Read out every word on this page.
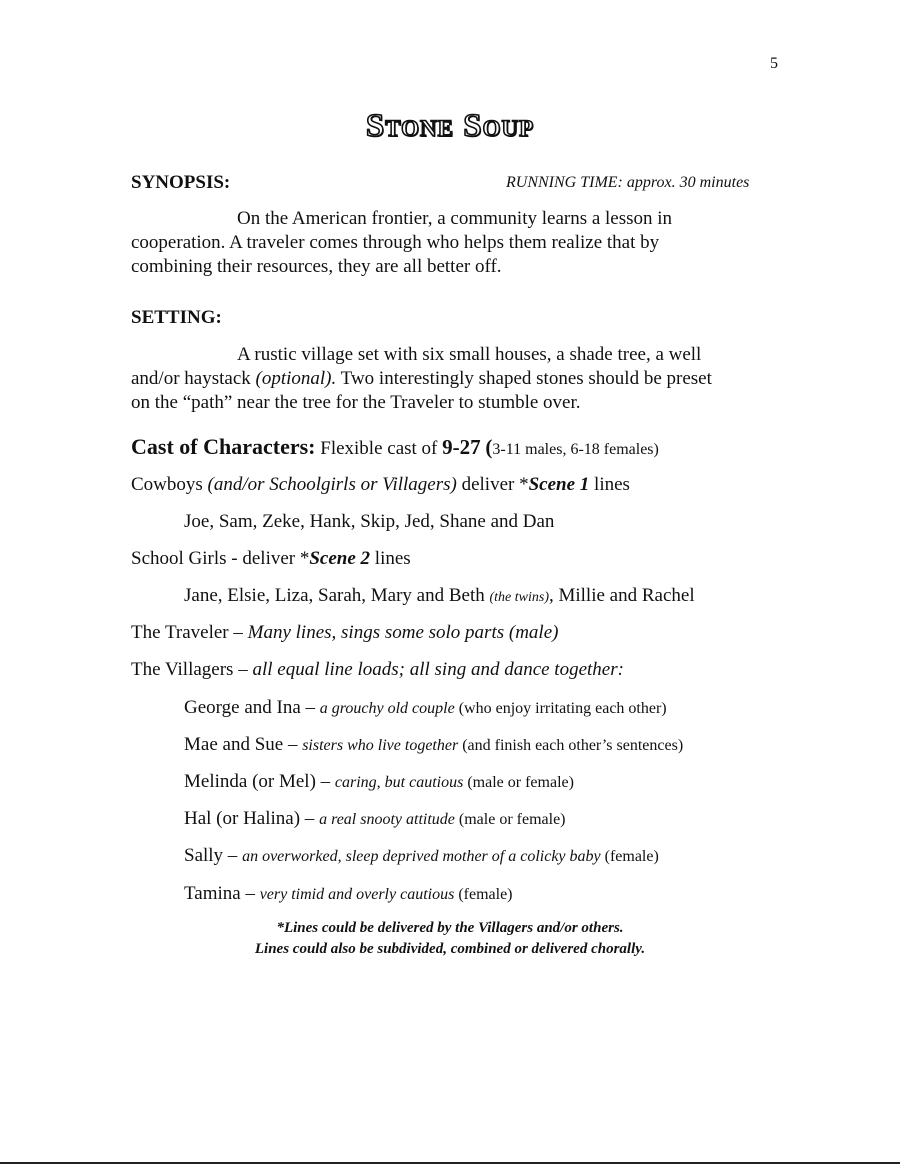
5
Stone Soup
SYNOPSIS:	RUNNING TIME: approx. 30 minutes
On the American frontier, a community learns a lesson in
cooperation. A traveler comes through who helps them realize that by
combining their resources, they are all better off.
SETTING:
A rustic village set with six small houses, a shade tree, a well
and/or haystack (optional). Two interestingly shaped stones should be preset
on the “path” near the tree for the Traveler to stumble over.
Cast of Characters: Flexible cast of 9-27 (3-11 males, 6-18 females)
Cowboys (and/or Schoolgirls or Villagers) deliver *Scene 1 lines
Joe, Sam, Zeke, Hank, Skip, Jed, Shane and Dan
School Girls - deliver *Scene 2 lines
Jane, Elsie, Liza, Sarah, Mary and Beth (the twins), Millie and Rachel
The Traveler – Many lines, sings some solo parts (male)
The Villagers – all equal line loads; all sing and dance together:
George and Ina – a grouchy old couple (who enjoy irritating each other)
Mae and Sue – sisters who live together (and finish each other’s sentences)
Melinda (or Mel) – caring, but cautious (male or female)
Hal (or Halina) – a real snooty attitude (male or female)
Sally – an overworked, sleep deprived mother of a colicky baby (female)
Tamina – very timid and overly cautious (female)
*Lines could be delivered by the Villagers and/or others.
Lines could also be subdivided, combined or delivered chorally.
